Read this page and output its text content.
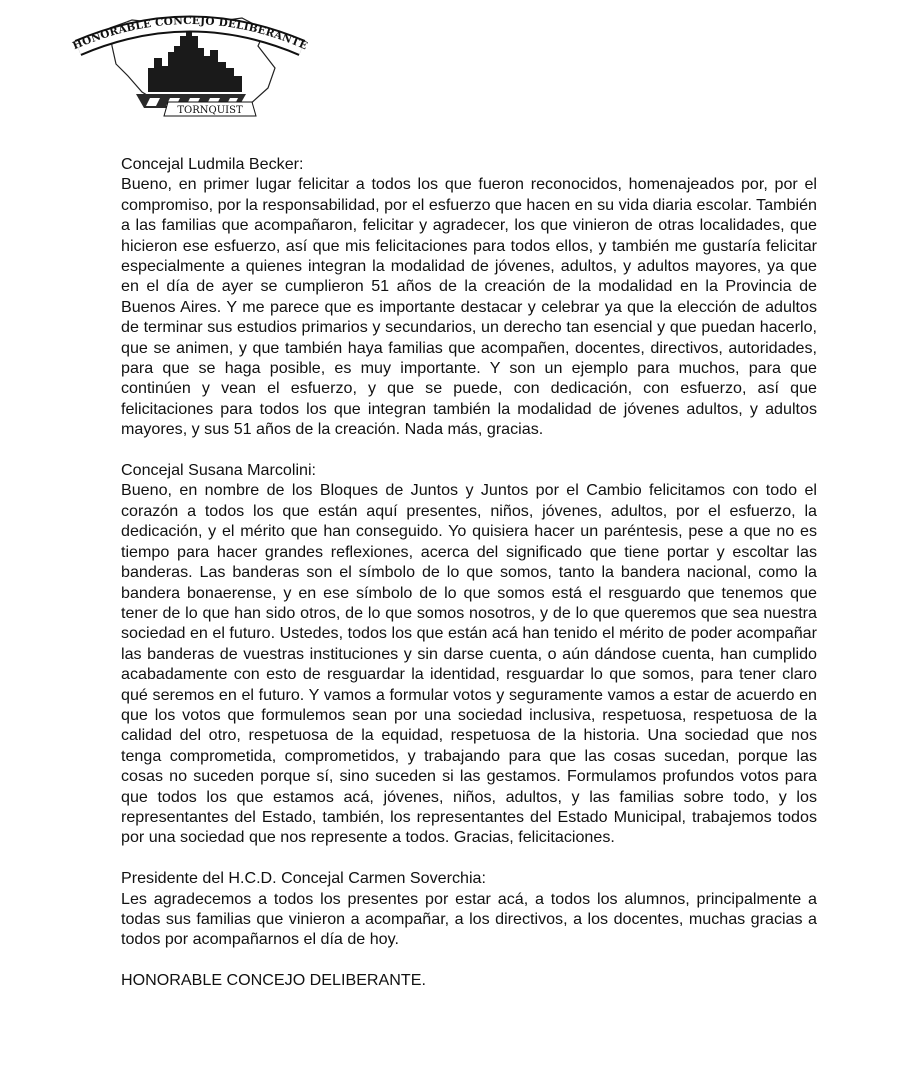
HONORABLE CONCEJO DELIBERANTE
TORNQUIST
Concejal Ludmila Becker:
Bueno, en primer lugar felicitar a todos los que fueron reconocidos, homenajeados por, por el compromiso, por la responsabilidad, por el esfuerzo que hacen en su vida diaria escolar. También a las familias que acompañaron, felicitar y agradecer, los que vinieron de otras localidades, que hicieron ese esfuerzo, así que mis felicitaciones para todos ellos, y también me gustaría felicitar especialmente a quienes integran la modalidad de jóvenes, adultos, y adultos mayores, ya que en el día de ayer se cumplieron 51 años de la creación de la modalidad en la Provincia de Buenos Aires. Y me parece que es importante destacar y celebrar ya que la elección de adultos de terminar sus estudios primarios y secundarios, un derecho tan esencial y que puedan hacerlo, que se animen, y que también haya familias que acompañen, docentes, directivos, autoridades, para que se haga posible, es muy importante. Y son un ejemplo para muchos, para que continúen y vean el esfuerzo, y que se puede, con dedicación, con esfuerzo, así que felicitaciones para todos los que integran también la modalidad de jóvenes adultos, y adultos mayores, y sus 51 años de la creación. Nada más, gracias.
Concejal Susana Marcolini:
Bueno, en nombre de los Bloques de Juntos y Juntos por el Cambio felicitamos con todo el corazón a todos los que están aquí presentes, niños, jóvenes, adultos, por el esfuerzo, la dedicación, y el mérito que han conseguido. Yo quisiera hacer un paréntesis, pese a que no es tiempo para hacer grandes reflexiones, acerca del significado que tiene portar y escoltar las banderas. Las banderas son el símbolo de lo que somos, tanto la bandera nacional, como la bandera bonaerense, y en ese símbolo de lo que somos está el resguardo que tenemos que tener de lo que han sido otros, de lo que somos nosotros, y de lo que queremos que sea nuestra sociedad en el futuro. Ustedes, todos los que están acá han tenido el mérito de poder acompañar las banderas de vuestras instituciones y sin darse cuenta, o aún dándose cuenta, han cumplido acabadamente con esto de resguardar la identidad, resguardar lo que somos, para tener claro qué seremos en el futuro. Y vamos a formular votos y seguramente vamos a estar de acuerdo en que los votos que formulemos sean por una sociedad inclusiva, respetuosa, respetuosa de la calidad del otro, respetuosa de la equidad, respetuosa de la historia. Una sociedad que nos tenga comprometida, comprometidos, y trabajando para que las cosas sucedan, porque las cosas no suceden porque sí, sino suceden si las gestamos. Formulamos profundos votos para que todos los que estamos acá, jóvenes, niños, adultos, y las familias sobre todo, y los representantes del Estado, también, los representantes del Estado Municipal, trabajemos todos por una sociedad que nos represente a todos. Gracias, felicitaciones.
Presidente del H.C.D. Concejal Carmen Soverchia:
Les agradecemos a todos los presentes por estar acá, a todos los alumnos, principalmente a todas sus familias que vinieron a acompañar, a los directivos, a los docentes, muchas gracias a todos por acompañarnos el día de hoy.
HONORABLE CONCEJO DELIBERANTE.
